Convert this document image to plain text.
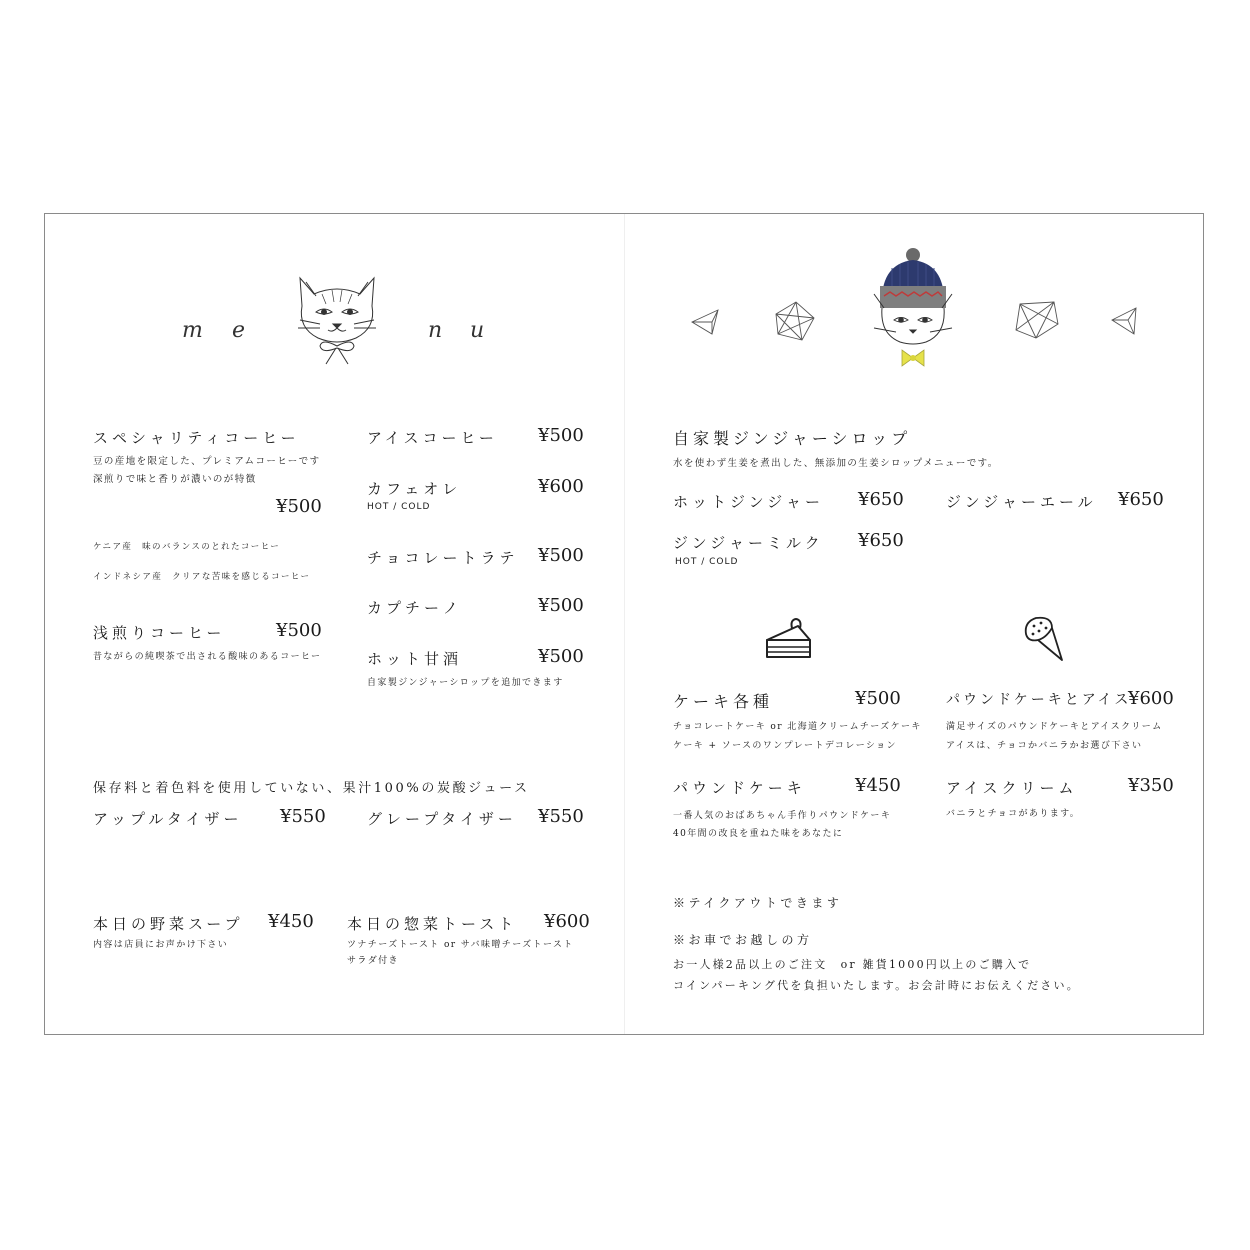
m e	n u
スペシャリティコーヒー
豆の産地を限定した、プレミアムコーヒーです
深煎りで味と香りが濃いのが特徴
¥500
ケニア産　味のバランスのとれたコーヒー
インドネシア産　クリアな苦味を感じるコーヒー
浅煎りコーヒー	¥500
昔ながらの純喫茶で出される酸味のあるコーヒー
アイスコーヒー ¥500
カフェオレ	¥600
HOT / COLD
チョコレートラテ ¥500
カプチーノ	¥500
ホット甘酒	¥500
自家製ジンジャーシロップを追加できます
保存料と着色料を使用していない、果汁100%の炭酸ジュース
アップルタイザー ¥550	グレープタイザー ¥550
本日の野菜スープ ¥450
内容は店員にお声かけ下さい
本日の惣菜トースト ¥600
ツナチーズトースト or サバ味噌チーズトースト
サラダ付き
自家製ジンジャーシロップ
水を使わず生姜を煮出した、無添加の生姜シロップメニューです。
ホットジンジャー ¥650	ジンジャーエール ¥650
ジンジャーミルク ¥650
HOT / COLD
ケーキ各種	¥500
チョコレートケーキ or 北海道クリームチーズケーキ
ケーキ + ソースのワンプレートデコレーション
パウンドケーキとアイス
¥600
満足サイズのパウンドケーキとアイスクリーム
アイスは、チョコかバニラかお選び下さい
パウンドケーキ	¥450
一番人気のおばあちゃん手作りパウンドケーキ
40年間の改良を重ねた味をあなたに
アイスクリーム	¥350
バニラとチョコがあります。
※テイクアウトできます
※お車でお越しの方
お一人様2品以上のご注文　or 雑貨1000円以上のご購入で
コインパーキング代を負担いたします。お会計時にお伝えください。
